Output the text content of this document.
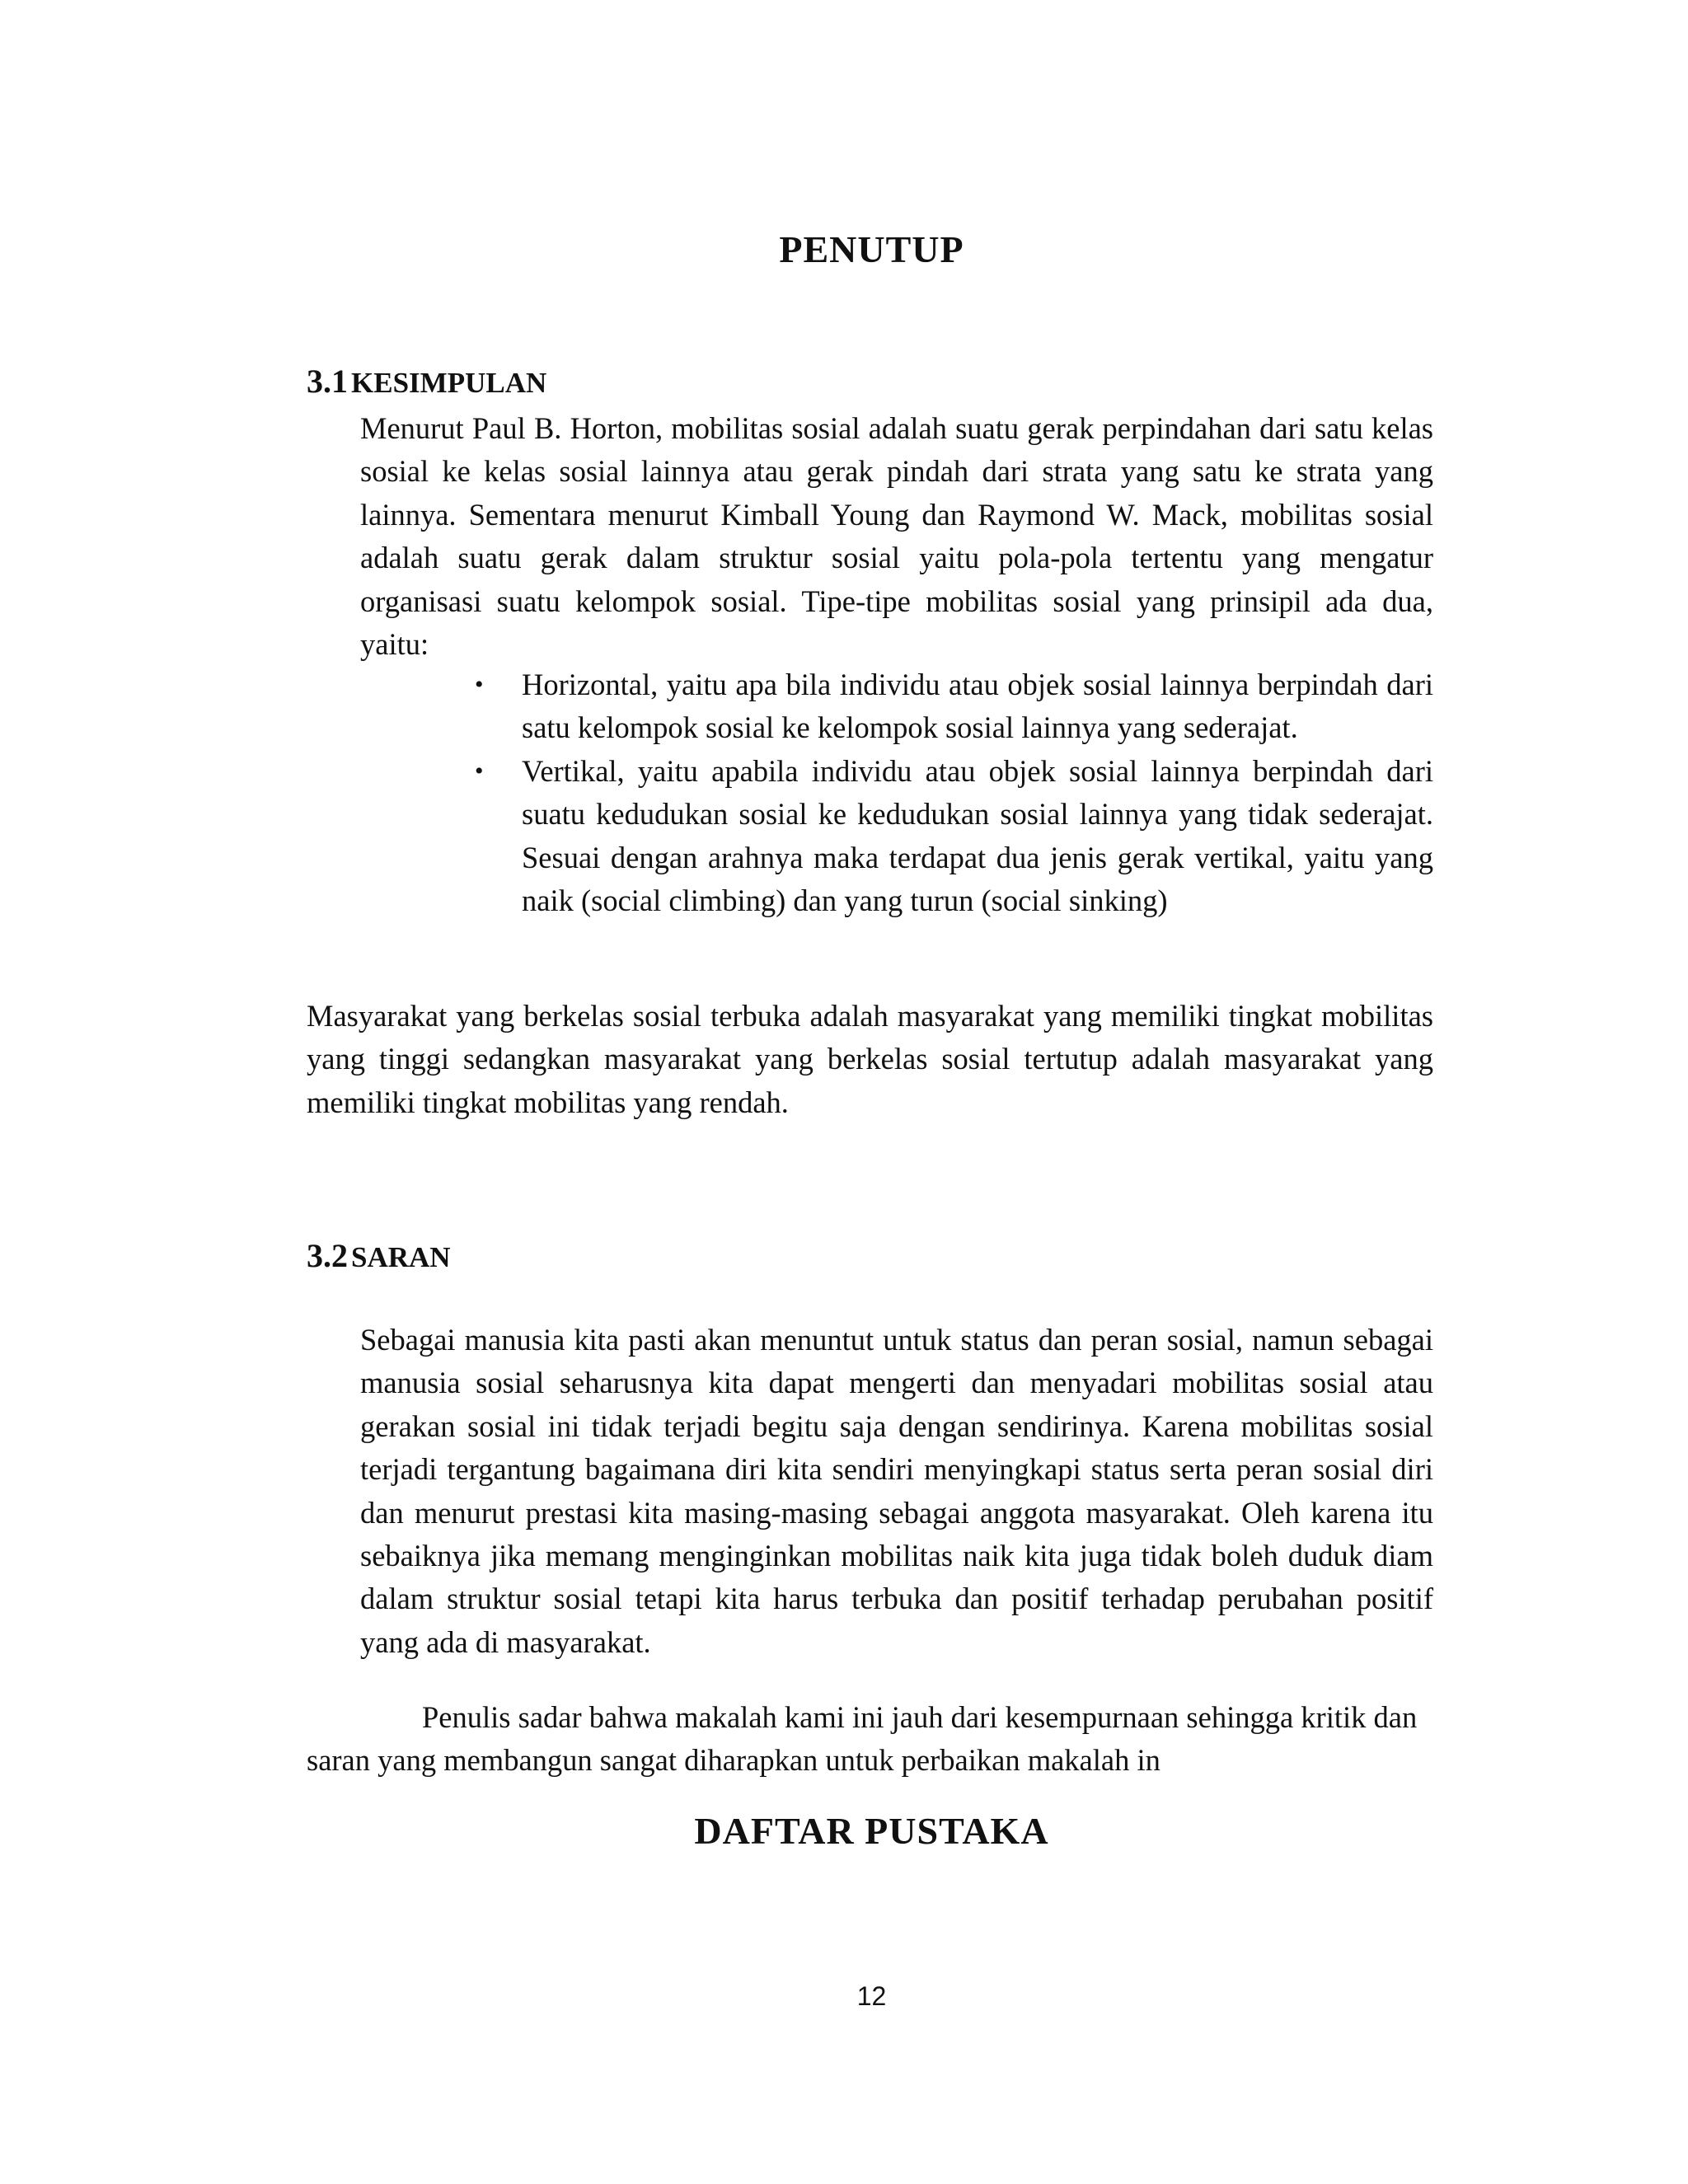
PENUTUP
3.1 KESIMPULAN

Menurut Paul B. Horton, mobilitas sosial adalah suatu gerak perpindahan dari satu kelas sosial ke kelas sosial lainnya atau gerak pindah dari strata yang satu ke strata yang lainnya. Sementara menurut Kimball Young dan Raymond W. Mack, mobilitas sosial adalah suatu gerak dalam struktur sosial yaitu pola-pola tertentu yang mengatur organisasi suatu kelompok sosial. Tipe-tipe mobilitas sosial yang prinsipil ada dua, yaitu:

• Horizontal, yaitu apa bila individu atau objek sosial lainnya berpindah dari satu kelompok sosial ke kelompok sosial lainnya yang sederajat.
• Vertikal, yaitu apabila individu atau objek sosial lainnya berpindah dari suatu kedudukan sosial ke kedudukan sosial lainnya yang tidak sederajat. Sesuai dengan arahnya maka terdapat dua jenis gerak vertikal, yaitu yang naik (social climbing) dan yang turun (social sinking)

Masyarakat yang berkelas sosial terbuka adalah masyarakat yang memiliki tingkat mobilitas yang tinggi sedangkan masyarakat yang berkelas sosial tertutup adalah masyarakat yang memiliki tingkat mobilitas yang rendah.

3.2 SARAN

Sebagai manusia kita pasti akan menuntut untuk status dan peran sosial, namun sebagai manusia sosial seharusnya kita dapat mengerti dan menyadari mobilitas sosial atau gerakan sosial ini tidak terjadi begitu saja dengan sendirinya. Karena mobilitas sosial terjadi tergantung bagaimana diri kita sendiri menyingkapi status serta peran sosial diri dan menurut prestasi kita masing-masing sebagai anggota masyarakat. Oleh karena itu sebaiknya jika memang menginginkan mobilitas naik kita juga tidak boleh duduk diam dalam struktur sosial tetapi kita harus terbuka dan positif terhadap perubahan positif yang ada di masyarakat.

Penulis sadar bahwa makalah kami ini jauh dari kesempurnaan sehingga kritik dan saran yang membangun sangat diharapkan untuk perbaikan makalah in

DAFTAR PUSTAKA
12
